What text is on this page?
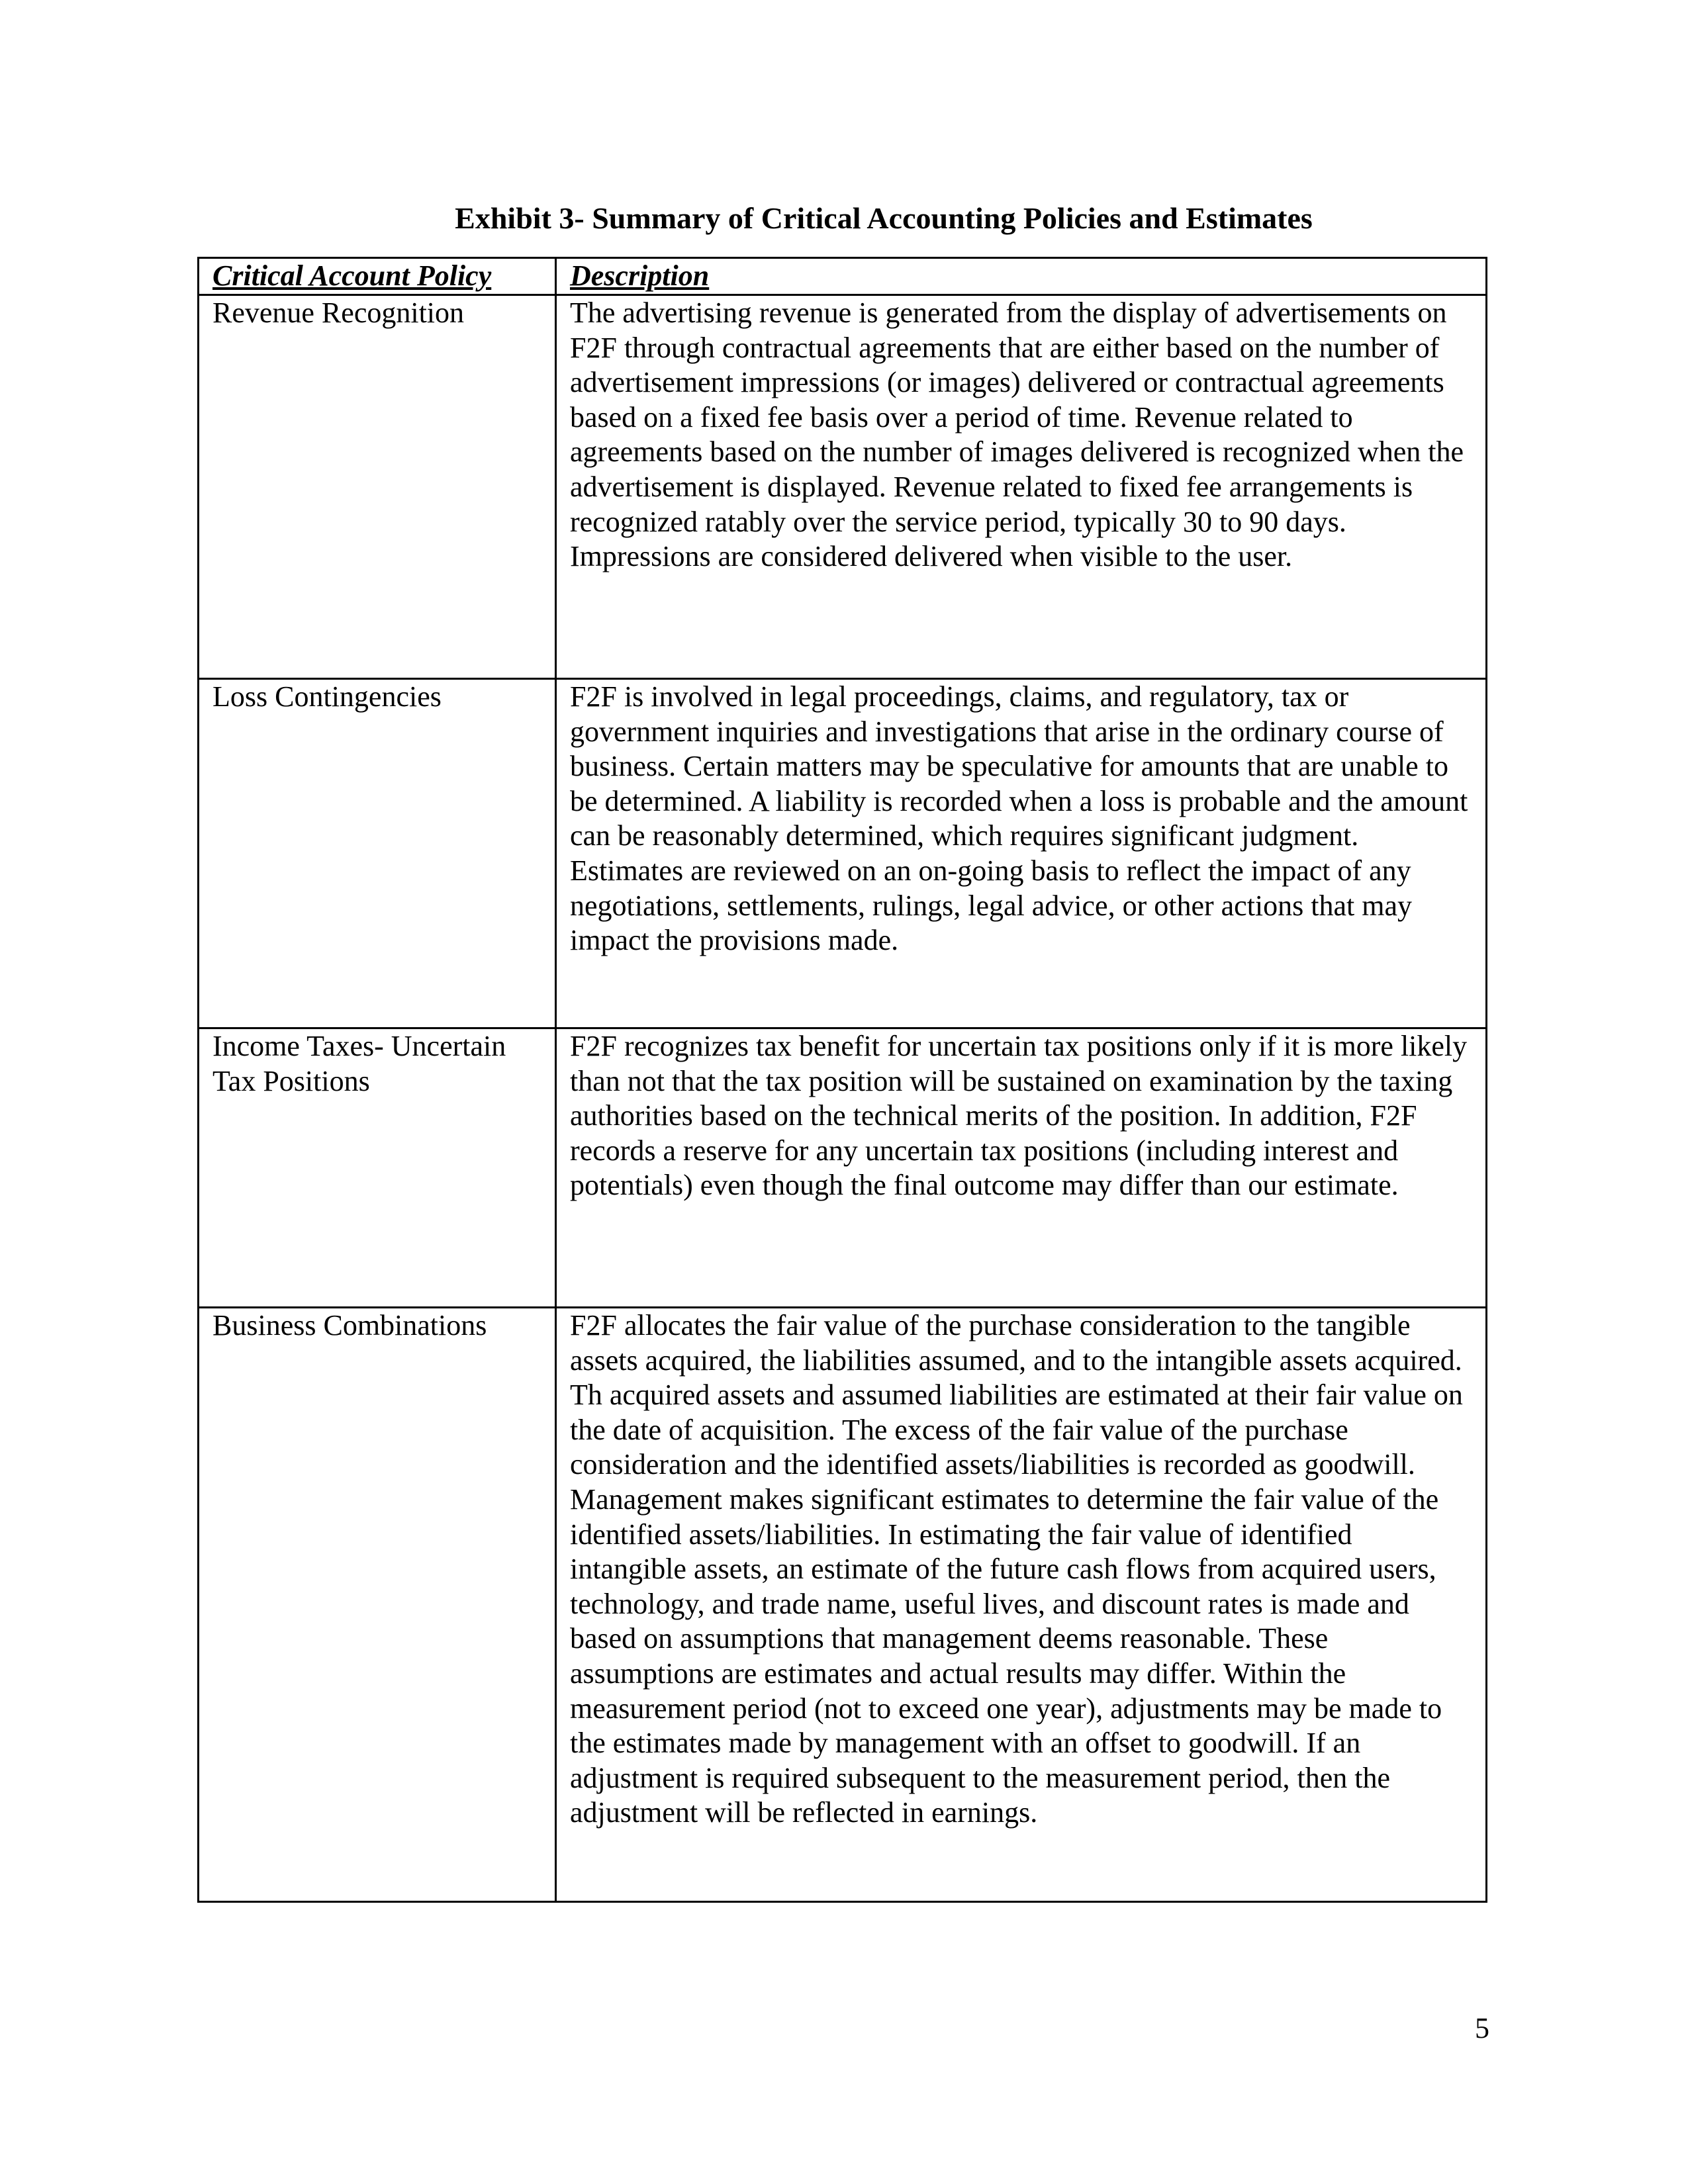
Exhibit 3- Summary of Critical Accounting Policies and Estimates
Critical Account Policy	Description
Revenue Recognition	The advertising revenue is generated from the display of advertisements on F2F through contractual agreements that are either based on the number of advertisement impressions (or images) delivered or contractual agreements based on a fixed fee basis over a period of time. Revenue related to agreements based on the number of images delivered is recognized when the advertisement is displayed. Revenue related to fixed fee arrangements is recognized ratably over the service period, typically 30 to 90 days. Impressions are considered delivered when visible to the user.

Loss Contingencies	F2F is involved in legal proceedings, claims, and regulatory, tax or government inquiries and investigations that arise in the ordinary course of business. Certain matters may be speculative for amounts that are unable to be determined. A liability is recorded when a loss is probable and the amount can be reasonably determined, which requires significant judgment. Estimates are reviewed on an on-going basis to reflect the impact of any negotiations, settlements, rulings, legal advice, or other actions that may impact the provisions made.

Income Taxes- Uncertain Tax Positions	F2F recognizes tax benefit for uncertain tax positions only if it is more likely than not that the tax position will be sustained on examination by the taxing authorities based on the technical merits of the position. In addition, F2F records a reserve for any uncertain tax positions (including interest and potentials) even though the final outcome may differ than our estimate.

Business Combinations	F2F allocates the fair value of the purchase consideration to the tangible assets acquired, the liabilities assumed, and to the intangible assets acquired. Th acquired assets and assumed liabilities are estimated at their fair value on the date of acquisition. The excess of the fair value of the purchase consideration and the identified assets/liabilities is recorded as goodwill. Management makes significant estimates to determine the fair value of the identified assets/liabilities. In estimating the fair value of identified intangible assets, an estimate of the future cash flows from acquired users, technology, and trade name, useful lives, and discount rates is made and based on assumptions that management deems reasonable. These assumptions are estimates and actual results may differ. Within the measurement period (not to exceed one year), adjustments may be made to the estimates made by management with an offset to goodwill. If an adjustment is required subsequent to the measurement period, then the adjustment will be reflected in earnings.
5
